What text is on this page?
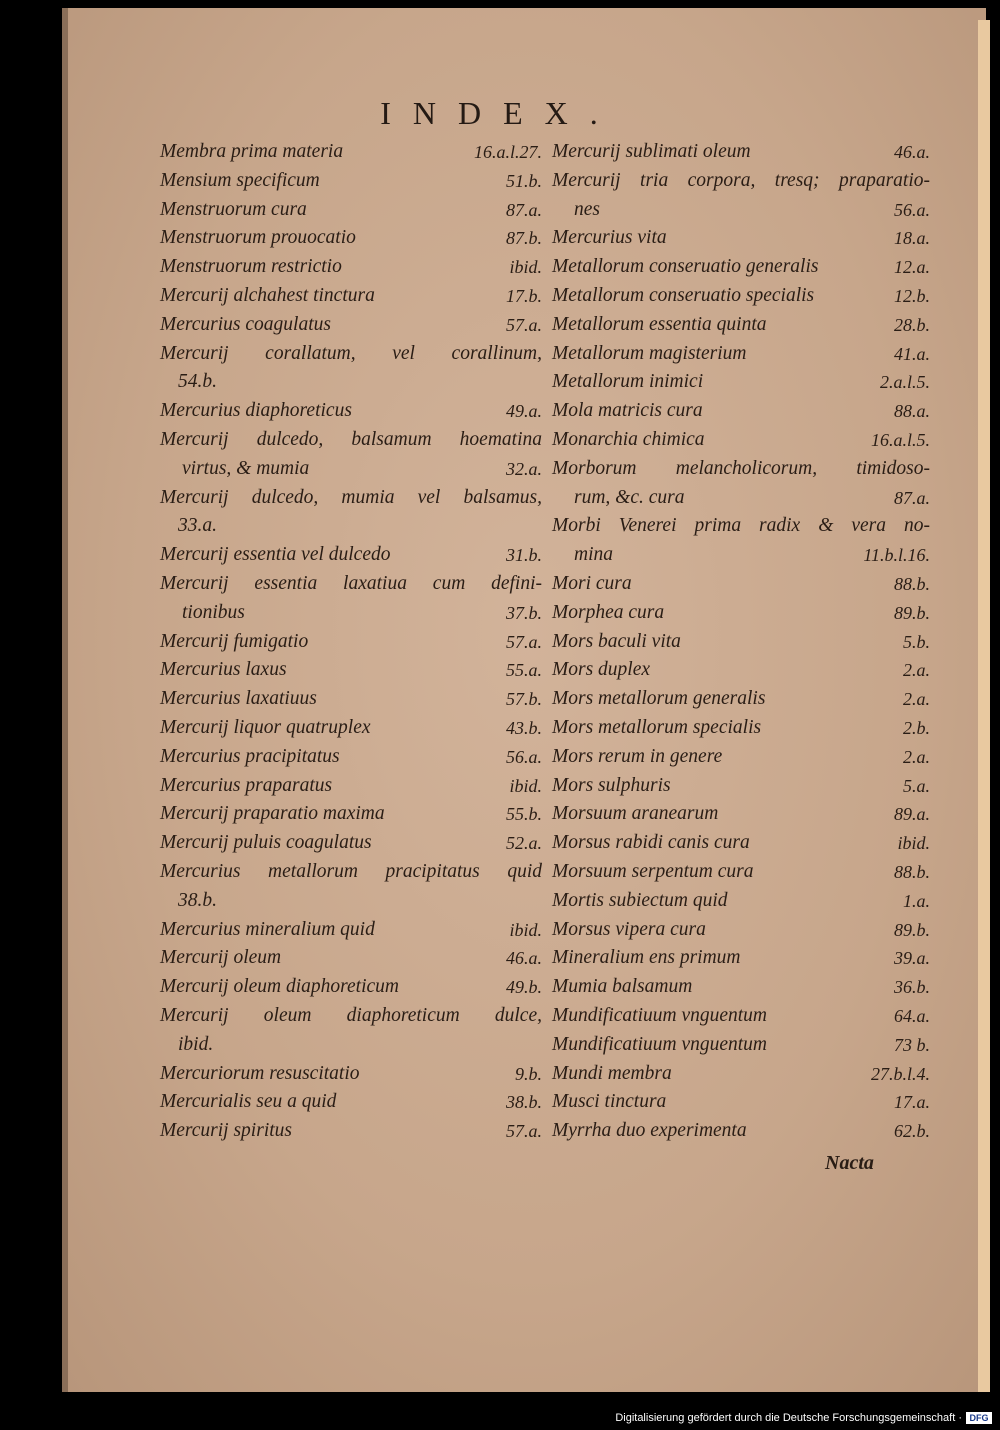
INDEX.
Membra prima materia	16.a.l.27.
Mensium specificum	51.b.
Menstruorum cura	87.a.
Menstruorum prouocatio	87.b.
Menstruorum restrictio	ibid.
Mercurij alchahest tinctura	17.b.
Mercurius coagulatus	57.a.
Mercurij corallatum, vel corallinum,
54.b.
Mercurius diaphoreticus	49.a.
Mercurij dulcedo, balsamum hoematina
virtus, & mumia	32.a.
Mercurij dulcedo, mumia vel balsamus,
33.a.
Mercurij essentia vel dulcedo	31.b.
Mercurij essentia laxatiua cum defini-
tionibus	37.b.
Mercurij fumigatio	57.a.
Mercurius laxus	55.a.
Mercurius laxatiuus	57.b.
Mercurij liquor quatruplex	43.b.
Mercurius pracipitatus	56.a.
Mercurius praparatus	ibid.
Mercurij praparatio maxima	55.b.
Mercurij puluis coagulatus	52.a.
Mercurius metallorum pracipitatus quid
38.b.
Mercurius mineralium quid	ibid.
Mercurij oleum	46.a.
Mercurij oleum diaphoreticum	49.b.
Mercurij oleum diaphoreticum dulce,
ibid.
Mercuriorum resuscitatio	9.b.
Mercurialis seu a quid	38.b.
Mercurij spiritus	57.a.
Mercurij sublimati oleum	46.a.
Mercurij tria corpora, tresq; praparatio-
nes	56.a.
Mercurius vita	18.a.
Metallorum conseruatio generalis	12.a.
Metallorum conseruatio specialis	12.b.
Metallorum essentia quinta	28.b.
Metallorum magisterium	41.a.
Metallorum inimici	2.a.l.5.
Mola matricis cura	88.a.
Monarchia chimica	16.a.l.5.
Morborum melancholicorum, timidoso-
rum, &c. cura	87.a.
Morbi Venerei prima radix & vera no-
mina	11.b.l.16.
Mori cura	88.b.
Morphea cura	89.b.
Mors baculi vita	5.b.
Mors duplex	2.a.
Mors metallorum generalis	2.a.
Mors metallorum specialis	2.b.
Mors rerum in genere	2.a.
Mors sulphuris	5.a.
Morsuum aranearum	89.a.
Morsus rabidi canis cura	ibid.
Morsuum serpentum cura	88.b.
Mortis subiectum quid	1.a.
Morsus vipera cura	89.b.
Mineralium ens primum	39.a.
Mumia balsamum	36.b.
Mundificatiuum vnguentum	64.a.
Mundificatiuum vnguentum	73 b.
Mundi membra	27.b.l.4.
Musci tinctura	17.a.
Myrrha duo experimenta	62.b.
Nacta
Digitalisierung gefördert durch die Deutsche Forschungsgemeinschaft · DFG
